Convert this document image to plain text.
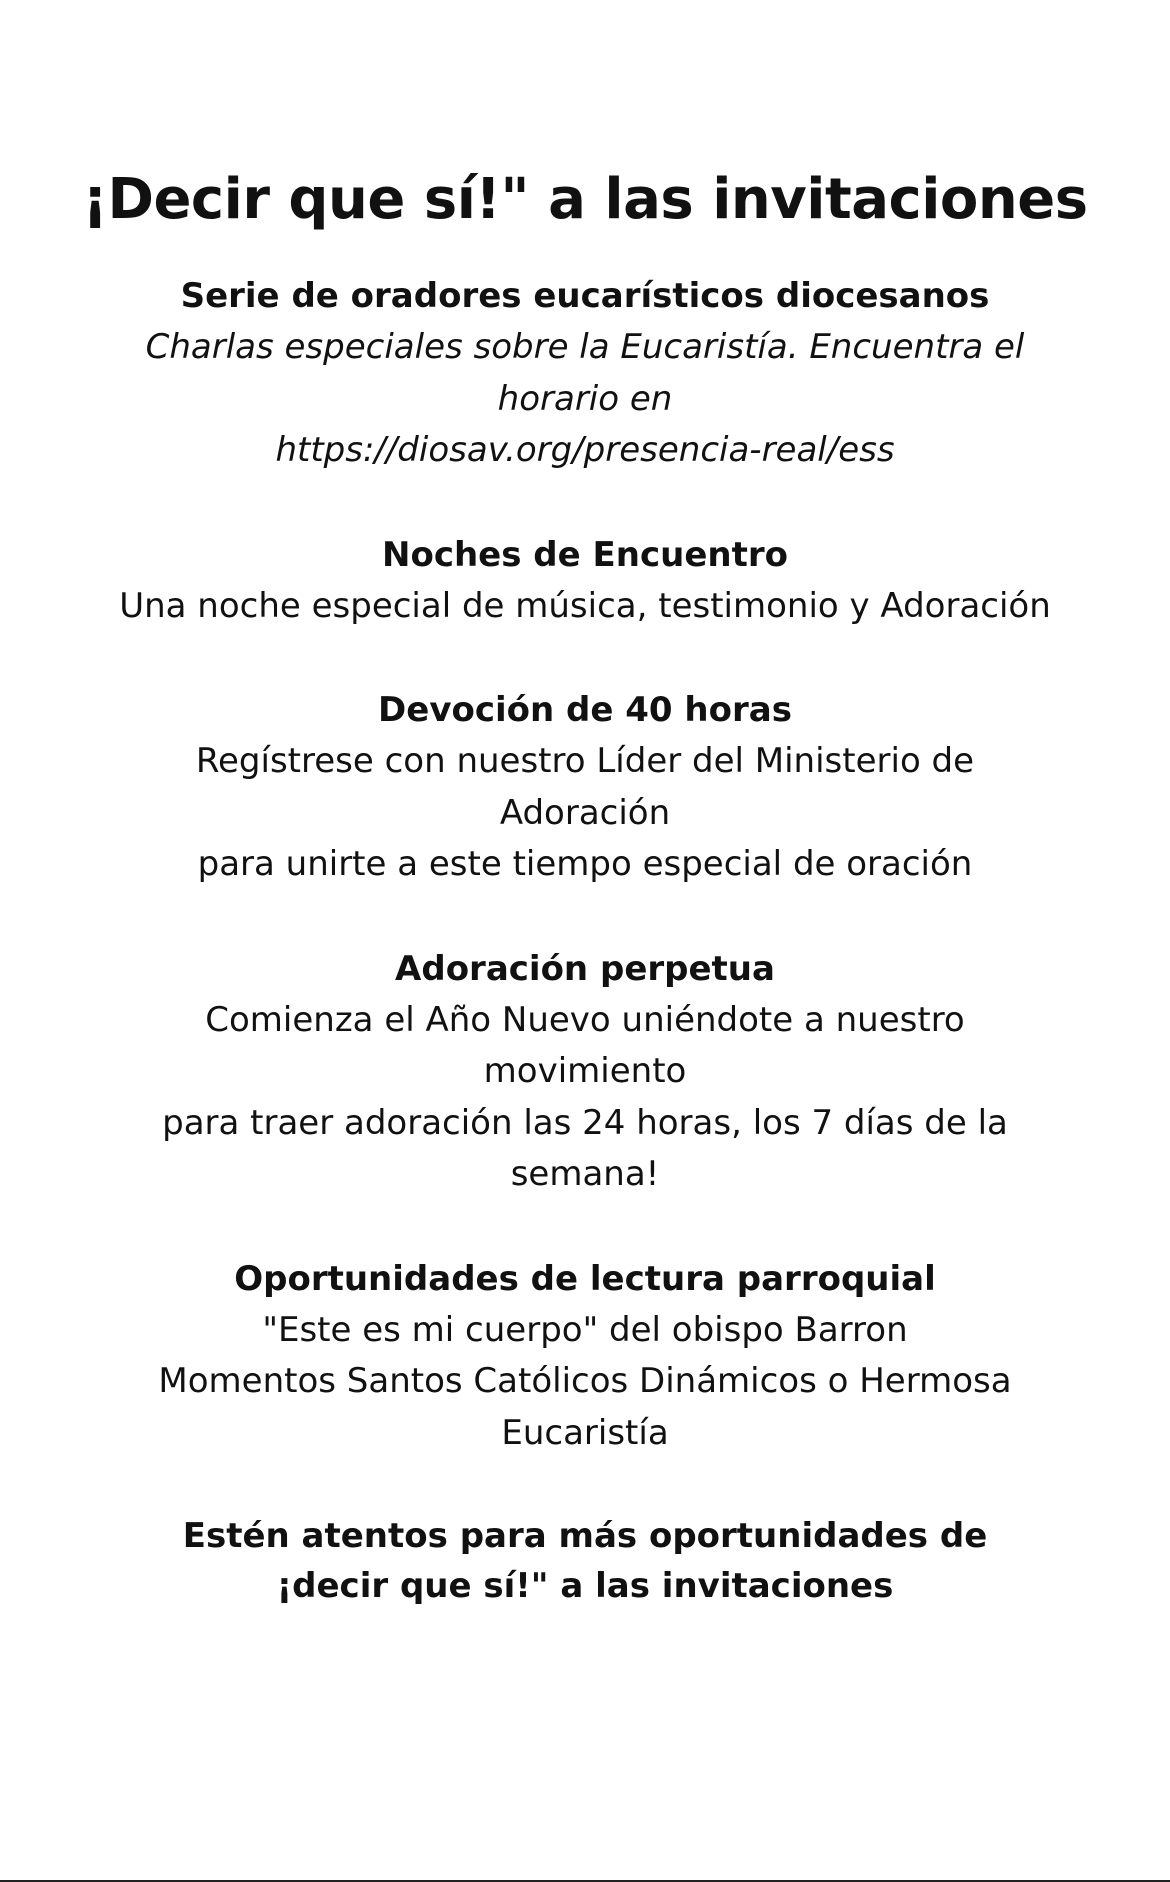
¡Decir que sí!" a las invitaciones
Serie de oradores eucarísticos diocesanos
Charlas especiales sobre la Eucaristía. Encuentra el
horario en
https://diosav.org/presencia-real/ess
Noches de Encuentro
Una noche especial de música, testimonio y Adoración
Devoción de 40 horas
Regístrese con nuestro Líder del Ministerio de
Adoración
para unirte a este tiempo especial de oración
Adoración perpetua
Comienza el Año Nuevo uniéndote a nuestro
movimiento
para traer adoración las 24 horas, los 7 días de la
semana!
Oportunidades de lectura parroquial
"Este es mi cuerpo" del obispo Barron
Momentos Santos Católicos Dinámicos o Hermosa
Eucaristía
Estén atentos para más oportunidades de
¡decir que sí!" a las invitaciones
